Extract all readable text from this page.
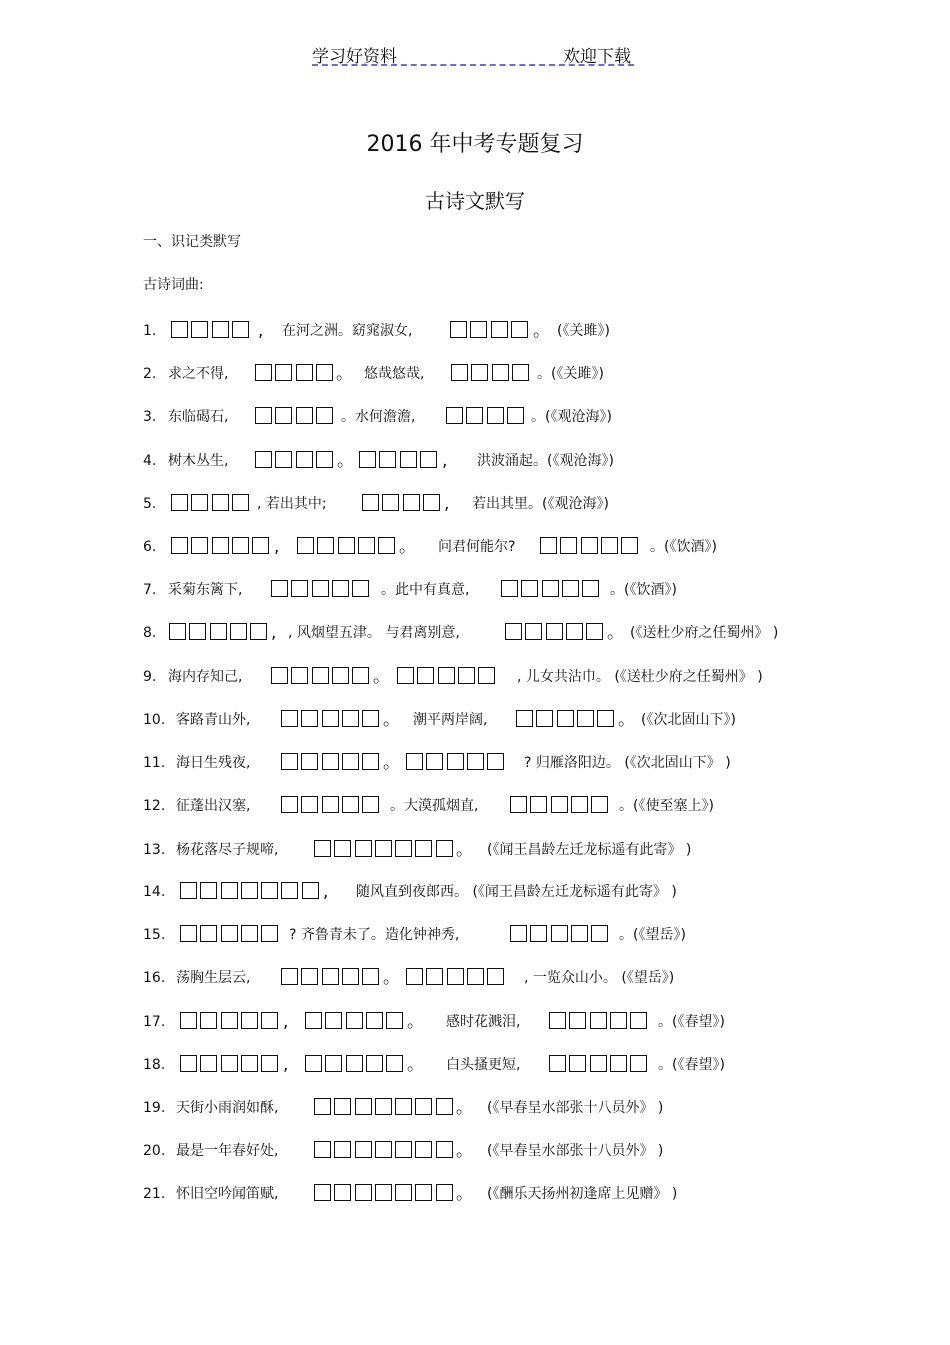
学习好资料	欢迎下载
2016 年中考专题复习
古诗文默写
一、识记类默写
古诗词曲:
1.	, 在河之洲。窈窕淑女,	。 (《关雎》)
2. 求之不得,	。 悠哉悠哉,	。(《关雎》)
3. 东临碣石,	。水何澹澹,	。(《观沧海》)
4. 树木丛生,	。	, 洪波涌起。(《观沧海》)
5.	, 若出其中;	, 若出其里。(《观沧海》)
6.	,	。 问君何能尔?	。(《饮酒》)
7. 采菊东篱下,	。此中有真意,	。(《饮酒》)
8.	, , 风烟望五津。 与君离别意,	。 (《送杜少府之任蜀州》 )
9. 海内存知己,	。	, 儿女共沾巾。 (《送杜少府之任蜀州》 )
10. 客路青山外,	。 潮平两岸阔,	。 (《次北固山下》)
11. 海日生残夜,	。	? 归雁洛阳边。 (《次北固山下》 )
12. 征蓬出汉塞,	。大漠孤烟直,	。(《使至塞上》)
13. 杨花落尽子规啼,	。 (《闻王昌龄左迁龙标遥有此寄》 )
14.	, 随风直到夜郎西。 (《闻王昌龄左迁龙标遥有此寄》 )
15.	? 齐鲁青未了。造化钟神秀,	。(《望岳》)
16. 荡胸生层云,	。	, 一览众山小。 (《望岳》)
17.	,	。 感时花溅泪,	。(《春望》)
18.	,	。 白头搔更短,	。(《春望》)
19. 天街小雨润如酥,	。 (《早春呈水部张十八员外》 )
20. 最是一年春好处,	。 (《早春呈水部张十八员外》 )
21. 怀旧空吟闻笛赋,	。 (《酬乐天扬州初逢席上见赠》 )
